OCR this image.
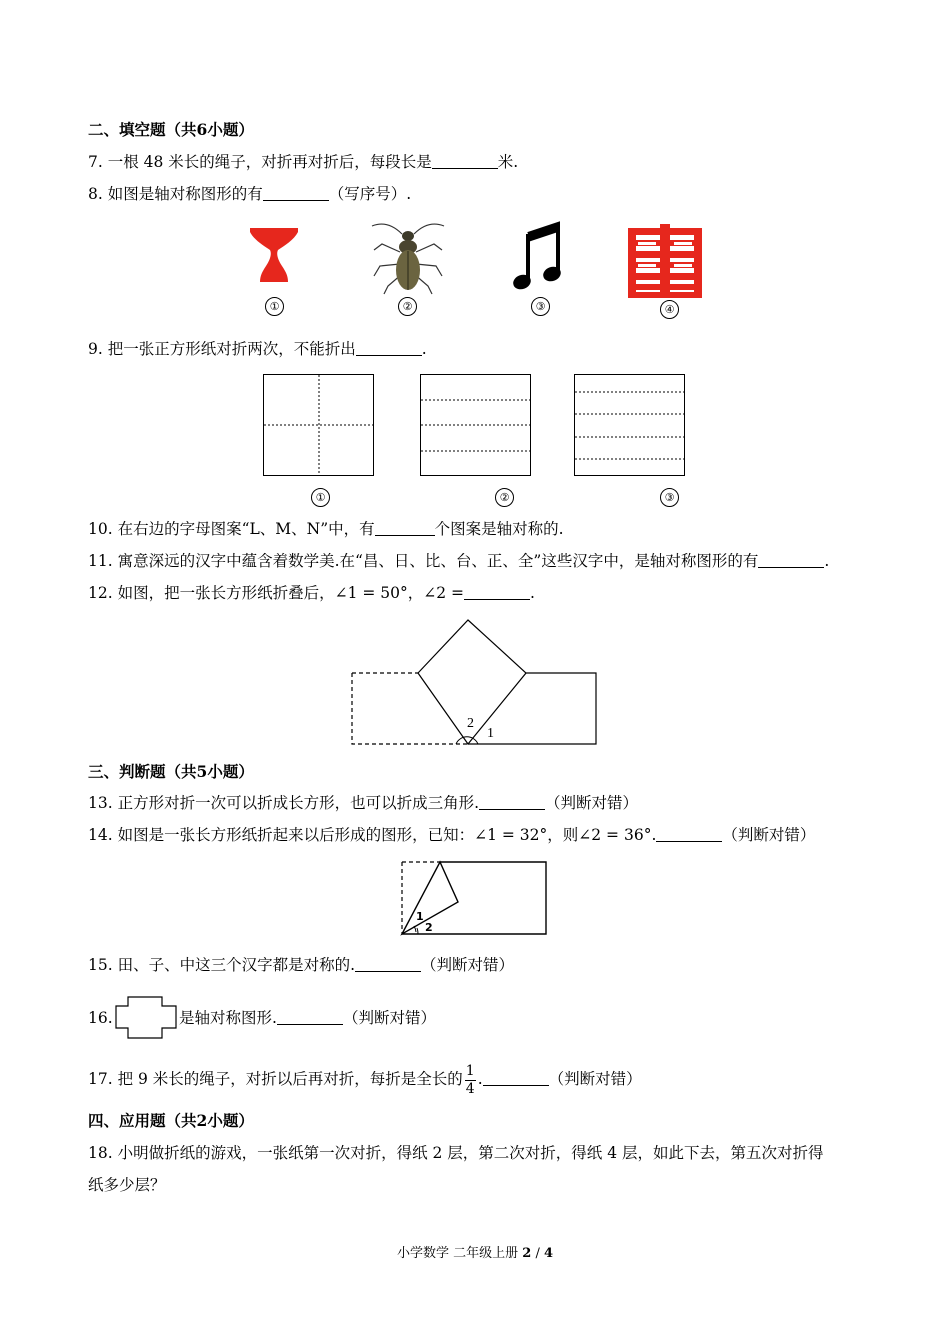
二、填空题（共6小题）
7. 一根 48 米长的绳子，对折再对折后，每段长是	米.
8. 如图是轴对称图形的有	（写序号）.
①	②	③	④
9. 把一张正方形纸对折两次，不能折出	.
①	②	③
10. 在右边的字母图案“L、M、N”中，有	个图案是轴对称的.
11. 寓意深远的汉字中蕴含着数学美.在“昌、日、比、台、正、全”这些汉字中，是轴对称图形的有	.
12. 如图，把一张长方形纸折叠后，∠1 = 50°，∠2 =	.
2
1
三、判断题（共5小题）
13. 正方形对折一次可以折成长方形，也可以折成三角形.	（判断对错）
14. 如图是一张长方形纸折起来以后形成的图形，已知：∠1 = 32°，则∠2 = 36°.	（判断对错）
1
2
15. 田、子、中这三个汉字都是对称的.	（判断对错）
16.	是轴对称图形.	（判断对错）
17. 把 9 米长的绳子，对折以后再对折，每折是全长的 $\frac{1}{4}$ .	（判断对错）
四、应用题（共2小题）
18. 小明做折纸的游戏，一张纸第一次对折，得纸 2 层，第二次对折，得纸 4 层，如此下去，第五次对折得
纸多少层？
小学数学 二年级上册 2 / 4
